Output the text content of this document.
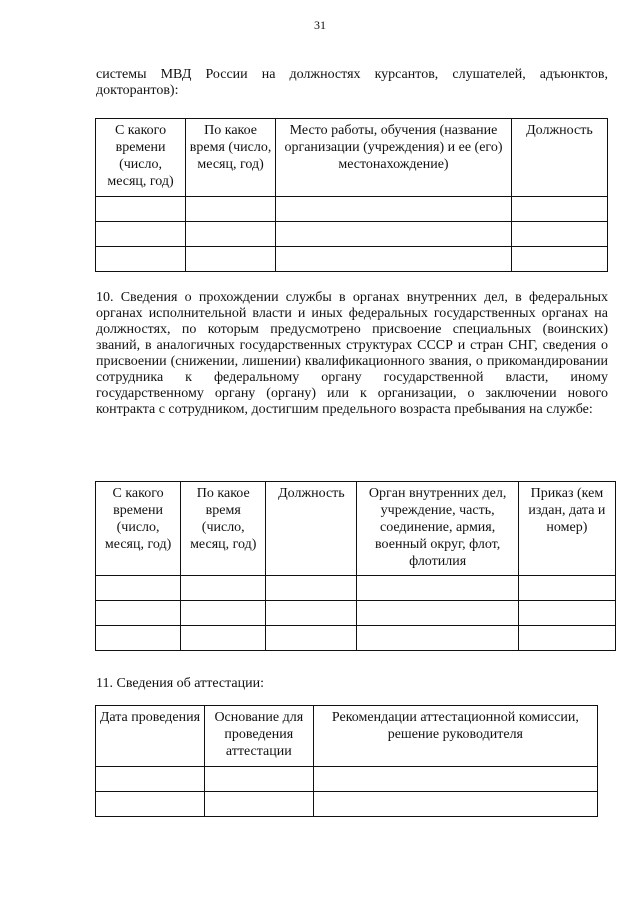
31
системы МВД России на должностях курсантов, слушателей, адъюнктов, докторантов):
С какого времени (число, месяц, год)	По какое время (число, месяц, год)	Место работы, обучения (название организации (учреждения) и ее (его) местонахождение)	Должность

10. Сведения о прохождении службы в органах внутренних дел, в федеральных органах исполнительной власти и иных федеральных государственных органах на должностях, по которым предусмотрено присвоение специальных (воинских) званий, в аналогичных государственных структурах СССР и стран СНГ, сведения о присвоении (снижении, лишении) квалификационного звания, о прикомандировании сотрудника к федеральному органу государственной власти, иному государственному органу (органу) или к организации, о заключении нового контракта с сотрудником, достигшим предельного возраста пребывания на службе:
С какого времени (число, месяц, год)	По какое время (число, месяц, год)	Должность	Орган внутренних дел, учреждение, часть, соединение, армия, военный округ, флот, флотилия	Приказ (кем издан, дата и номер)

11. Сведения об аттестации:
Дата проведения	Основание для проведения аттестации	Рекомендации аттестационной комиссии, решение руководителя
